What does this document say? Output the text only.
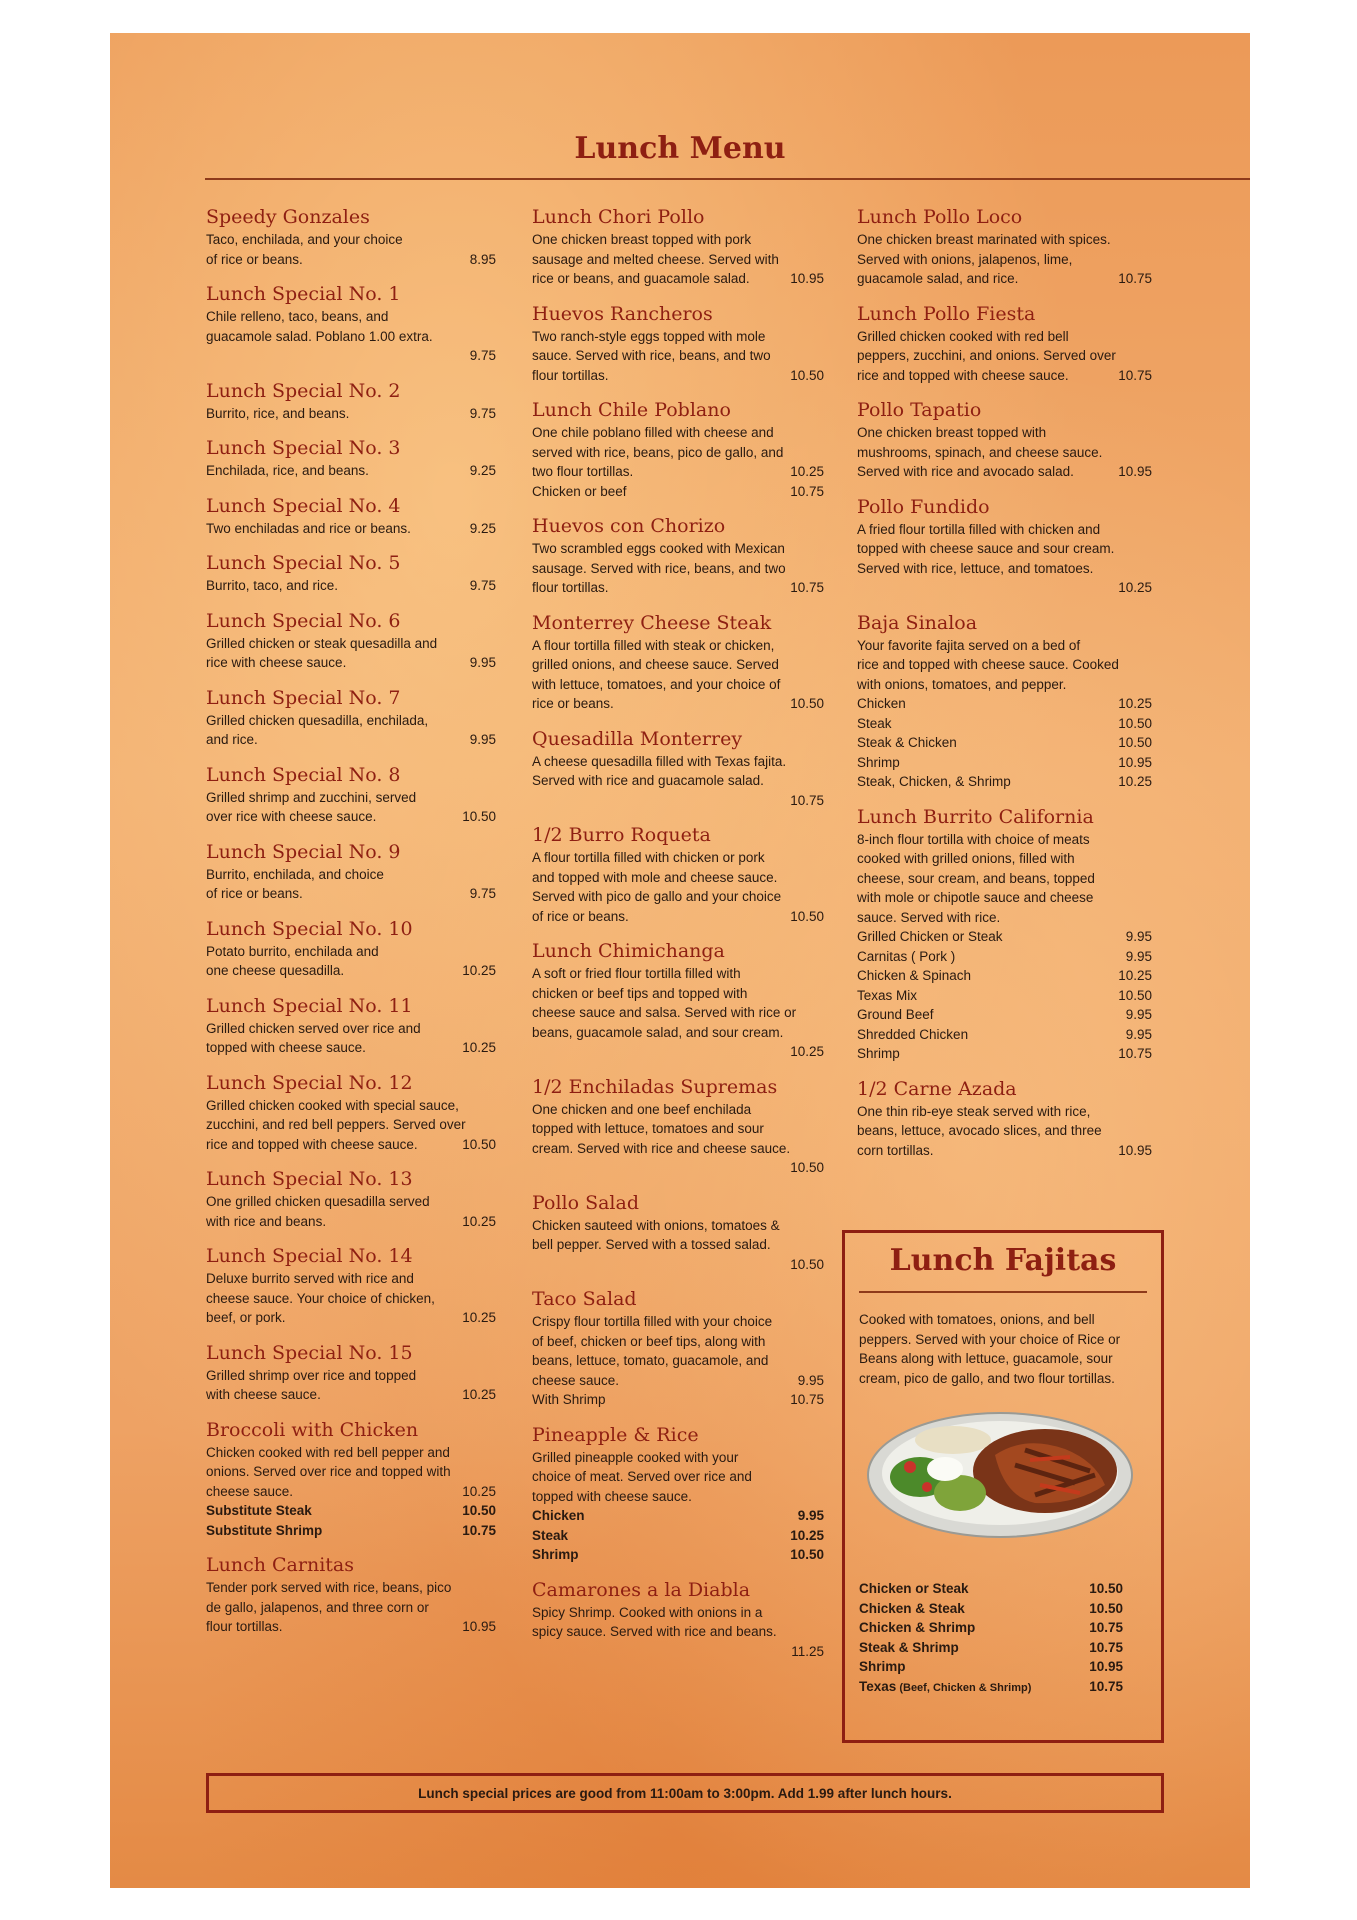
Lunch Menu
Speedy Gonzales
Taco, enchilada, and your choice
8.95
of rice or beans.
Lunch Special No. 1
Chile relleno, taco, beans, and
guacamole salad. Poblano 1.00 extra.
9.75

Lunch Special No. 2
9.75
Burrito, rice, and beans.
Lunch Special No. 3
9.25
Enchilada, rice, and beans.
Lunch Special No. 4
9.25
Two enchiladas and rice or beans.
Lunch Special No. 5
9.75
Burrito, taco, and rice.
Lunch Special No. 6
Grilled chicken or steak quesadilla and
9.95
rice with cheese sauce.
Lunch Special No. 7
Grilled chicken quesadilla, enchilada,
9.95
and rice.
Lunch Special No. 8
Grilled shrimp and zucchini, served
10.50
over rice with cheese sauce.
Lunch Special No. 9
Burrito, enchilada, and choice
9.75
of rice or beans.
Lunch Special No. 10
Potato burrito, enchilada and
10.25
one cheese quesadilla.
Lunch Special No. 11
Grilled chicken served over rice and
10.25
topped with cheese sauce.
Lunch Special No. 12
Grilled chicken cooked with special sauce,
zucchini, and red bell peppers. Served over
10.50
rice and topped with cheese sauce.
Lunch Special No. 13
One grilled chicken quesadilla served
10.25
with rice and beans.
Lunch Special No. 14
Deluxe burrito served with rice and
cheese sauce. Your choice of chicken,
10.25
beef, or pork.
Lunch Special No. 15
Grilled shrimp over rice and topped
10.25
with cheese sauce.
Broccoli with Chicken
Chicken cooked with red bell pepper and
onions. Served over rice and topped with
10.25
cheese sauce.
Substitute Steak	10.50
Substitute Shrimp	10.75
Lunch Carnitas
Tender pork served with rice, beans, pico
de gallo, jalapenos, and three corn or
10.95
flour tortillas.
Lunch Chori Pollo
One chicken breast topped with pork
sausage and melted cheese. Served with
10.95
rice or beans, and guacamole salad.
Huevos Rancheros
Two ranch-style eggs topped with mole
sauce. Served with rice, beans, and two
10.50
flour tortillas.
Lunch Chile Poblano
One chile poblano filled with cheese and
served with rice, beans, pico de gallo, and
10.25
two flour tortillas.
Chicken or beef	10.75
Huevos con Chorizo
Two scrambled eggs cooked with Mexican
sausage. Served with rice, beans, and two
10.75
flour tortillas.
Monterrey Cheese Steak
A flour tortilla filled with steak or chicken,
grilled onions, and cheese sauce. Served
with lettuce, tomatoes, and your choice of
10.50
rice or beans.
Quesadilla Monterrey
A cheese quesadilla filled with Texas fajita.
Served with rice and guacamole salad.
10.75

1/2 Burro Roqueta
A flour tortilla filled with chicken or pork
and topped with mole and cheese sauce.
Served with pico de gallo and your choice
10.50
of rice or beans.
Lunch Chimichanga
A soft or fried flour tortilla filled with
chicken or beef tips and topped with
cheese sauce and salsa. Served with rice or
beans, guacamole salad, and sour cream.
10.25

1/2 Enchiladas Supremas
One chicken and one beef enchilada
topped with lettuce, tomatoes and sour
cream. Served with rice and cheese sauce.
10.50

Pollo Salad
Chicken sauteed with onions, tomatoes &
bell pepper. Served with a tossed salad.
10.50

Taco Salad
Crispy flour tortilla filled with your choice
of beef, chicken or beef tips, along with
beans, lettuce, tomato, guacamole, and
9.95
cheese sauce.
With Shrimp	10.75
Pineapple & Rice
Grilled pineapple cooked with your
choice of meat. Served over rice and
topped with cheese sauce.
Chicken	9.95
Steak	10.25
Shrimp	10.50
Camarones a la Diabla
Spicy Shrimp. Cooked with onions in a
spicy sauce. Served with rice and beans.
11.25

Lunch Pollo Loco
One chicken breast marinated with spices.
Served with onions, jalapenos, lime,
10.75
guacamole salad, and rice.
Lunch Pollo Fiesta
Grilled chicken cooked with red bell
peppers, zucchini, and onions. Served over
10.75
rice and topped with cheese sauce.
Pollo Tapatio
One chicken breast topped with
mushrooms, spinach, and cheese sauce.
10.95
Served with rice and avocado salad.
Pollo Fundido
A fried flour tortilla filled with chicken and
topped with cheese sauce and sour cream.
Served with rice, lettuce, and tomatoes.
10.25

Baja Sinaloa
Your favorite fajita served on a bed of
rice and topped with cheese sauce. Cooked
with onions, tomatoes, and pepper.
Chicken	10.25
Steak	10.50
Steak & Chicken	10.50
Shrimp	10.95
Steak, Chicken, & Shrimp	10.25
Lunch Burrito California
8-inch flour tortilla with choice of meats
cooked with grilled onions, filled with
cheese, sour cream, and beans, topped
with mole or chipotle sauce and cheese
sauce. Served with rice.
Grilled Chicken or Steak	9.95
Carnitas ( Pork )	9.95
Chicken & Spinach	10.25
Texas Mix	10.50
Ground Beef	9.95
Shredded Chicken	9.95
Shrimp	10.75
1/2 Carne Azada
One thin rib-eye steak served with rice,
beans, lettuce, avocado slices, and three
10.95
corn tortillas.
Lunch Fajitas
Cooked with tomatoes, onions, and bell peppers. Served with your choice of Rice or Beans along with lettuce, guacamole, sour cream, pico de gallo, and two flour tortillas.
Chicken or Steak	10.50
Chicken & Steak	10.50
Chicken & Shrimp	10.75
Steak & Shrimp	10.75
Shrimp	10.95
Texas (Beef, Chicken & Shrimp)	10.75
Lunch special prices are good from 11:00am to 3:00pm. Add 1.99 after lunch hours.
